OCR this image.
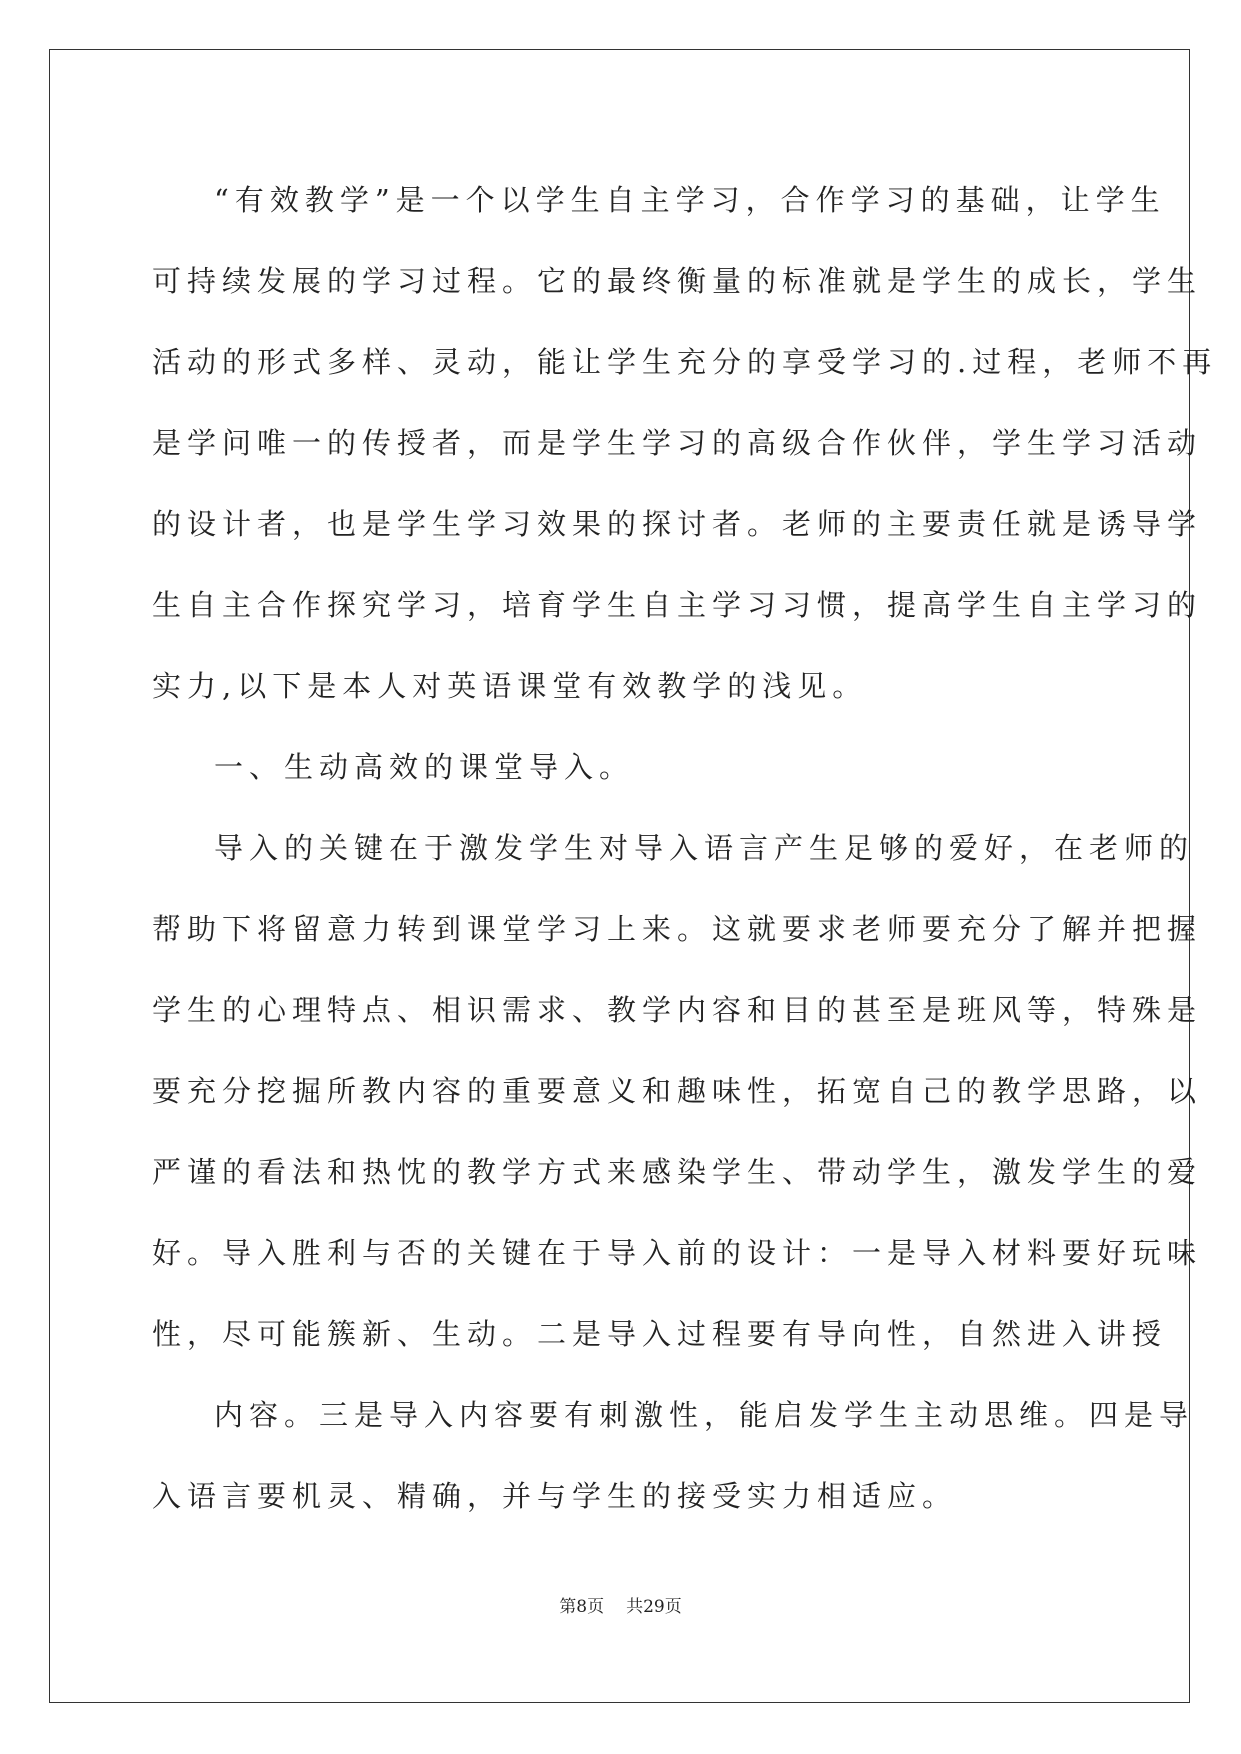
“有效教学”是一个以学生自主学习，合作学习的基础，让学生
可持续发展的学习过程。它的最终衡量的标准就是学生的成长，学生
活动的形式多样、灵动，能让学生充分的享受学习的.过程，老师不再
是学问唯一的传授者，而是学生学习的高级合作伙伴，学生学习活动
的设计者，也是学生学习效果的探讨者。老师的主要责任就是诱导学
生自主合作探究学习，培育学生自主学习习惯，提高学生自主学习的
实力,以下是本人对英语课堂有效教学的浅见。
一、生动高效的课堂导入。
导入的关键在于激发学生对导入语言产生足够的爱好，在老师的
帮助下将留意力转到课堂学习上来。这就要求老师要充分了解并把握
学生的心理特点、相识需求、教学内容和目的甚至是班风等，特殊是
要充分挖掘所教内容的重要意义和趣味性，拓宽自己的教学思路，以
严谨的看法和热忱的教学方式来感染学生、带动学生，激发学生的爱
好。导入胜利与否的关键在于导入前的设计：一是导入材料要好玩味
性，尽可能簇新、生动。二是导入过程要有导向性，自然进入讲授
内容。三是导入内容要有刺激性，能启发学生主动思维。四是导
入语言要机灵、精确，并与学生的接受实力相适应。
第8页 共29页
